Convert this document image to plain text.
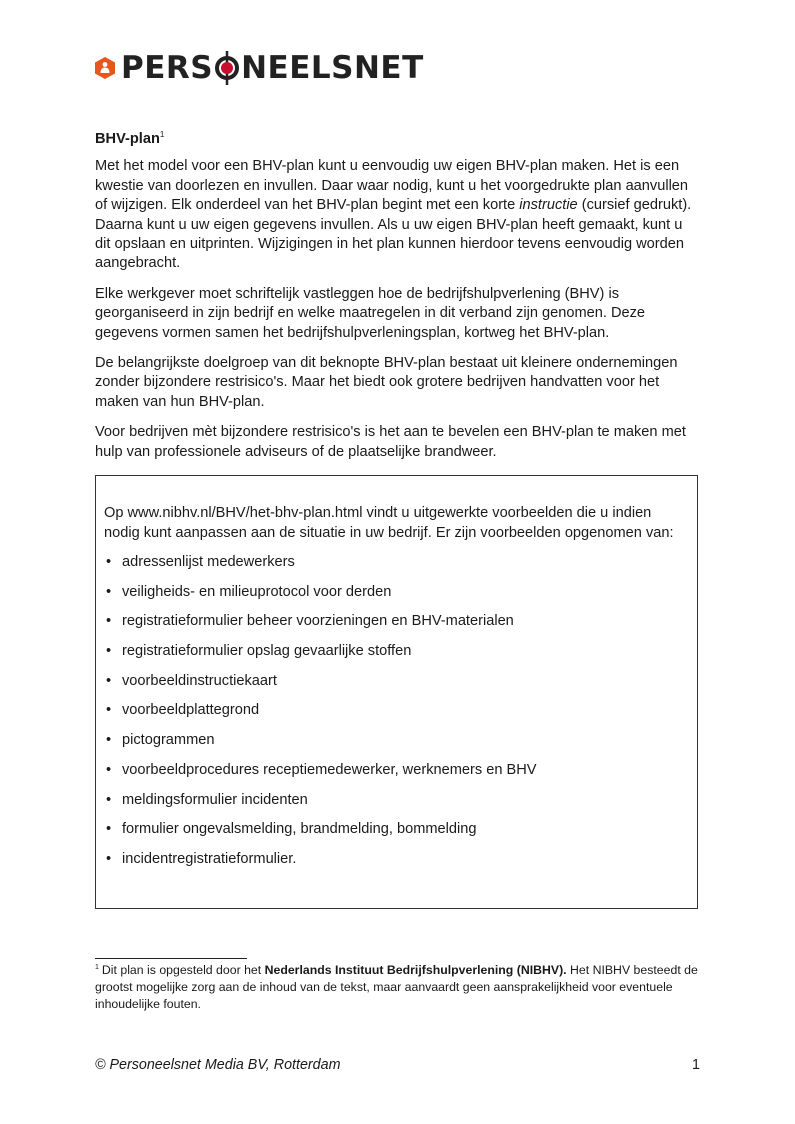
PERS NEELSNET

BHV-plan$^1$

Met het model voor een BHV-plan kunt u eenvoudig uw eigen BHV-plan maken. Het is een kwestie van doorlezen en invullen. Daar waar nodig, kunt u het voorgedrukte plan aanvullen of wijzigen. Elk onderdeel van het BHV-plan begint met een korte instructie (cursief gedrukt). Daarna kunt u uw eigen gegevens invullen. Als u uw eigen BHV-plan heeft gemaakt, kunt u dit opslaan en uitprinten. Wijzigingen in het plan kunnen hierdoor tevens eenvoudig worden aangebracht.

Elke werkgever moet schriftelijk vastleggen hoe de bedrijfshulpverlening (BHV) is georganiseerd in zijn bedrijf en welke maatregelen in dit verband zijn genomen. Deze gegevens vormen samen het bedrijfshulpverleningsplan, kortweg het BHV-plan.

De belangrijkste doelgroep van dit beknopte BHV-plan bestaat uit kleinere ondernemingen zonder bijzondere restrisico's. Maar het biedt ook grotere bedrijven handvatten voor het maken van hun BHV-plan.

Voor bedrijven mèt bijzondere restrisico's is het aan te bevelen een BHV-plan te maken met hulp van professionele adviseurs of de plaatselijke brandweer.

Op www.nibhv.nl/BHV/het-bhv-plan.html vindt u uitgewerkte voorbeelden die u indien nodig kunt aanpassen aan de situatie in uw bedrijf. Er zijn voorbeelden opgenomen van:
• adressenlijst medewerkers
• veiligheids- en milieuprotocol voor derden
• registratieformulier beheer voorzieningen en BHV-materialen
• registratieformulier opslag gevaarlijke stoffen
• voorbeeldinstructiekaart
• voorbeeldplattegrond
• pictogrammen
• voorbeeldprocedures receptiemedewerker, werknemers en BHV
• meldingsformulier incidenten
• formulier ongevalsmelding, brandmelding, bommelding
• incidentregistratieformulier.
$^1$ Dit plan is opgesteld door het Nederlands Instituut Bedrijfshulpverlening (NIBHV). Het NIBHV besteedt de grootst mogelijke zorg aan de inhoud van de tekst, maar aanvaardt geen aansprakelijkheid voor eventuele inhoudelijke fouten.
© Personeelsnet Media BV, Rotterdam	1
